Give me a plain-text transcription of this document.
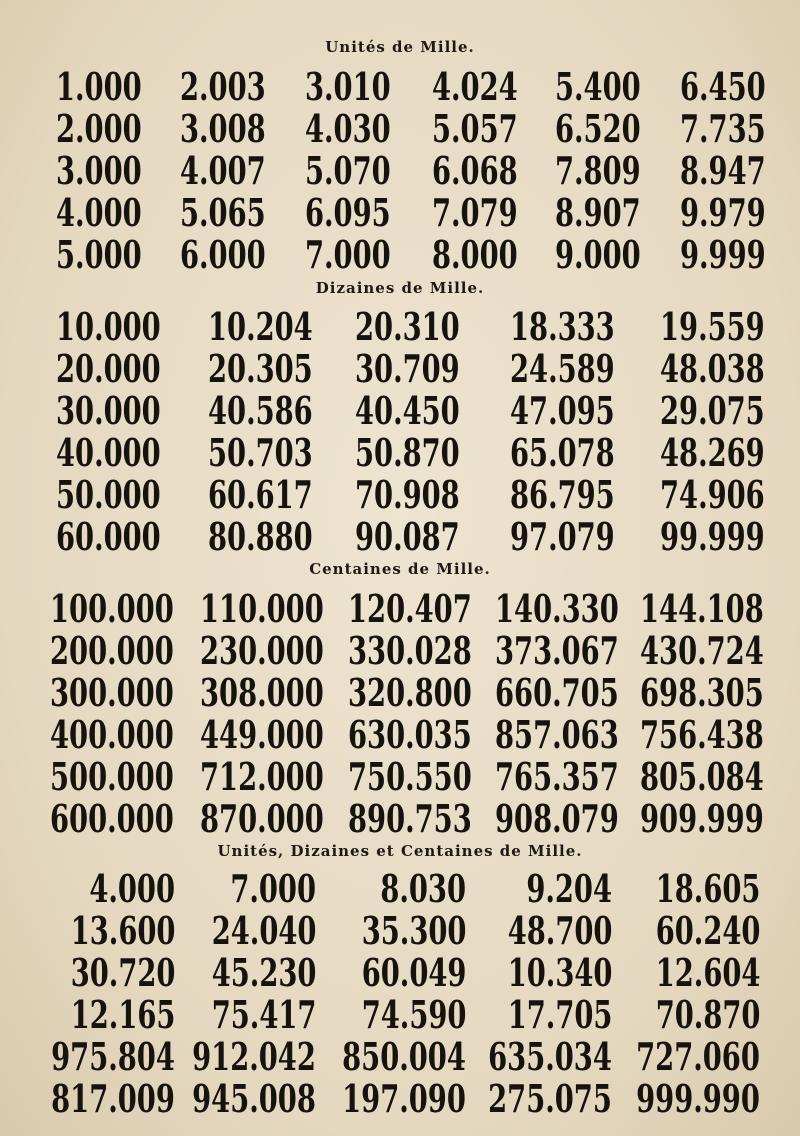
Unités de Mille.
1.000 2.003 3.010 4.024 5.400 6.450
2.000 3.008 4.030 5.057 6.520 7.735
3.000 4.007 5.070 6.068 7.809 8.947
4.000 5.065 6.095 7.079 8.907 9.979
5.000 6.000 7.000 8.000 9.000 9.999
Dizaines de Mille.
10.000 10.204 20.310 18.333 19.559
20.000 20.305 30.709 24.589 48.038
30.000 40.586 40.450 47.095 29.075
40.000 50.703 50.870 65.078 48.269
50.000 60.617 70.908 86.795 74.906
60.000 80.880 90.087 97.079 99.999
Centaines de Mille.
100.000 110.000 120.407 140.330 144.108
200.000 230.000 330.028 373.067 430.724
300.000 308.000 320.800 660.705 698.305
400.000 449.000 630.035 857.063 756.438
500.000 712.000 750.550 765.357 805.084
600.000 870.000 890.753 908.079 909.999
Unités, Dizaines et Centaines de Mille.
4.000 7.000 8.030 9.204 18.605
13.600 24.040 35.300 48.700 60.240
30.720 45.230 60.049 10.340 12.604
12.165 75.417 74.590 17.705 70.870
975.804 912.042 850.004 635.034 727.060
817.009 945.008 197.090 275.075 999.990
